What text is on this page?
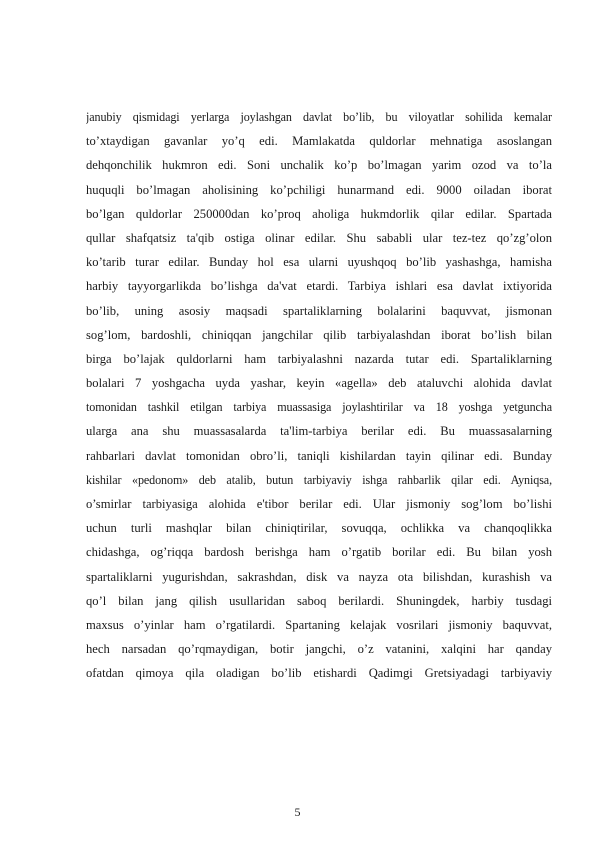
janubiy qismidagi yerlarga joylashgan davlat bo’lib, bu viloyatlar sohilida kemalar
to’xtaydigan gavanlar yo’q edi. Mamlakatda quldorlar mehnatiga asoslangan
dehqonchilik hukmron edi. Soni unchalik ko’p bo’lmagan yarim ozod va to’la
huquqli bo’lmagan aholisining ko’pchiligi hunarmand edi. 9000 oiladan iborat
bo’lgan quldorlar 250000dan ko’proq aholiga hukmdorlik qilar edilar. Spartada
qullar shafqatsiz ta'qib ostiga olinar edilar. Shu sababli ular tez-tez qo’zg’olon
ko’tarib turar edilar. Bunday hol esa ularni uyushqoq bo’lib yashashga, hamisha
harbiy tayyorgarlikda bo’lishga da'vat etardi. Tarbiya ishlari esa davlat ixtiyorida
bo’lib, uning asosiy maqsadi spartaliklarning bolalarini baquvvat, jismonan
sog’lom, bardoshli, chiniqqan jangchilar qilib tarbiyalashdan iborat bo’lish bilan
birga bo’lajak quldorlarni ham tarbiyalashni nazarda tutar edi. Spartaliklarning
bolalari 7 yoshgacha uyda yashar, keyin «agella» deb ataluvchi alohida davlat
tomonidan tashkil etilgan tarbiya muassasiga joylashtirilar va 18 yoshga yetguncha
ularga ana shu muassasalarda ta'lim-tarbiya berilar edi. Bu muassasalarning
rahbarlari davlat tomonidan obro’li, taniqli kishilardan tayin qilinar edi. Bunday
kishilar «pedonom» deb atalib, butun tarbiyaviy ishga rahbarlik qilar edi. Ayniqsa,
o’smirlar tarbiyasiga alohida e'tibor berilar edi. Ular jismoniy sog’lom bo’lishi
uchun turli mashqlar bilan chiniqtirilar, sovuqqa, ochlikka va chanqoqlikka
chidashga, og’riqqa bardosh berishga ham o’rgatib borilar edi. Bu bilan yosh
spartaliklarni yugurishdan, sakrashdan, disk va nayza ota bilishdan, kurashish va
qo’l bilan jang qilish usullaridan saboq berilardi. Shuningdek, harbiy tusdagi
maxsus o’yinlar ham o’rgatilardi. Spartaning kelajak vosrilari jismoniy baquvvat,
hech narsadan qo’rqmaydigan, botir jangchi, o’z vatanini, xalqini har qanday
ofatdan qimoya qila oladigan bo’lib etishardi Qadimgi Gretsiyadagi tarbiyaviy
5
